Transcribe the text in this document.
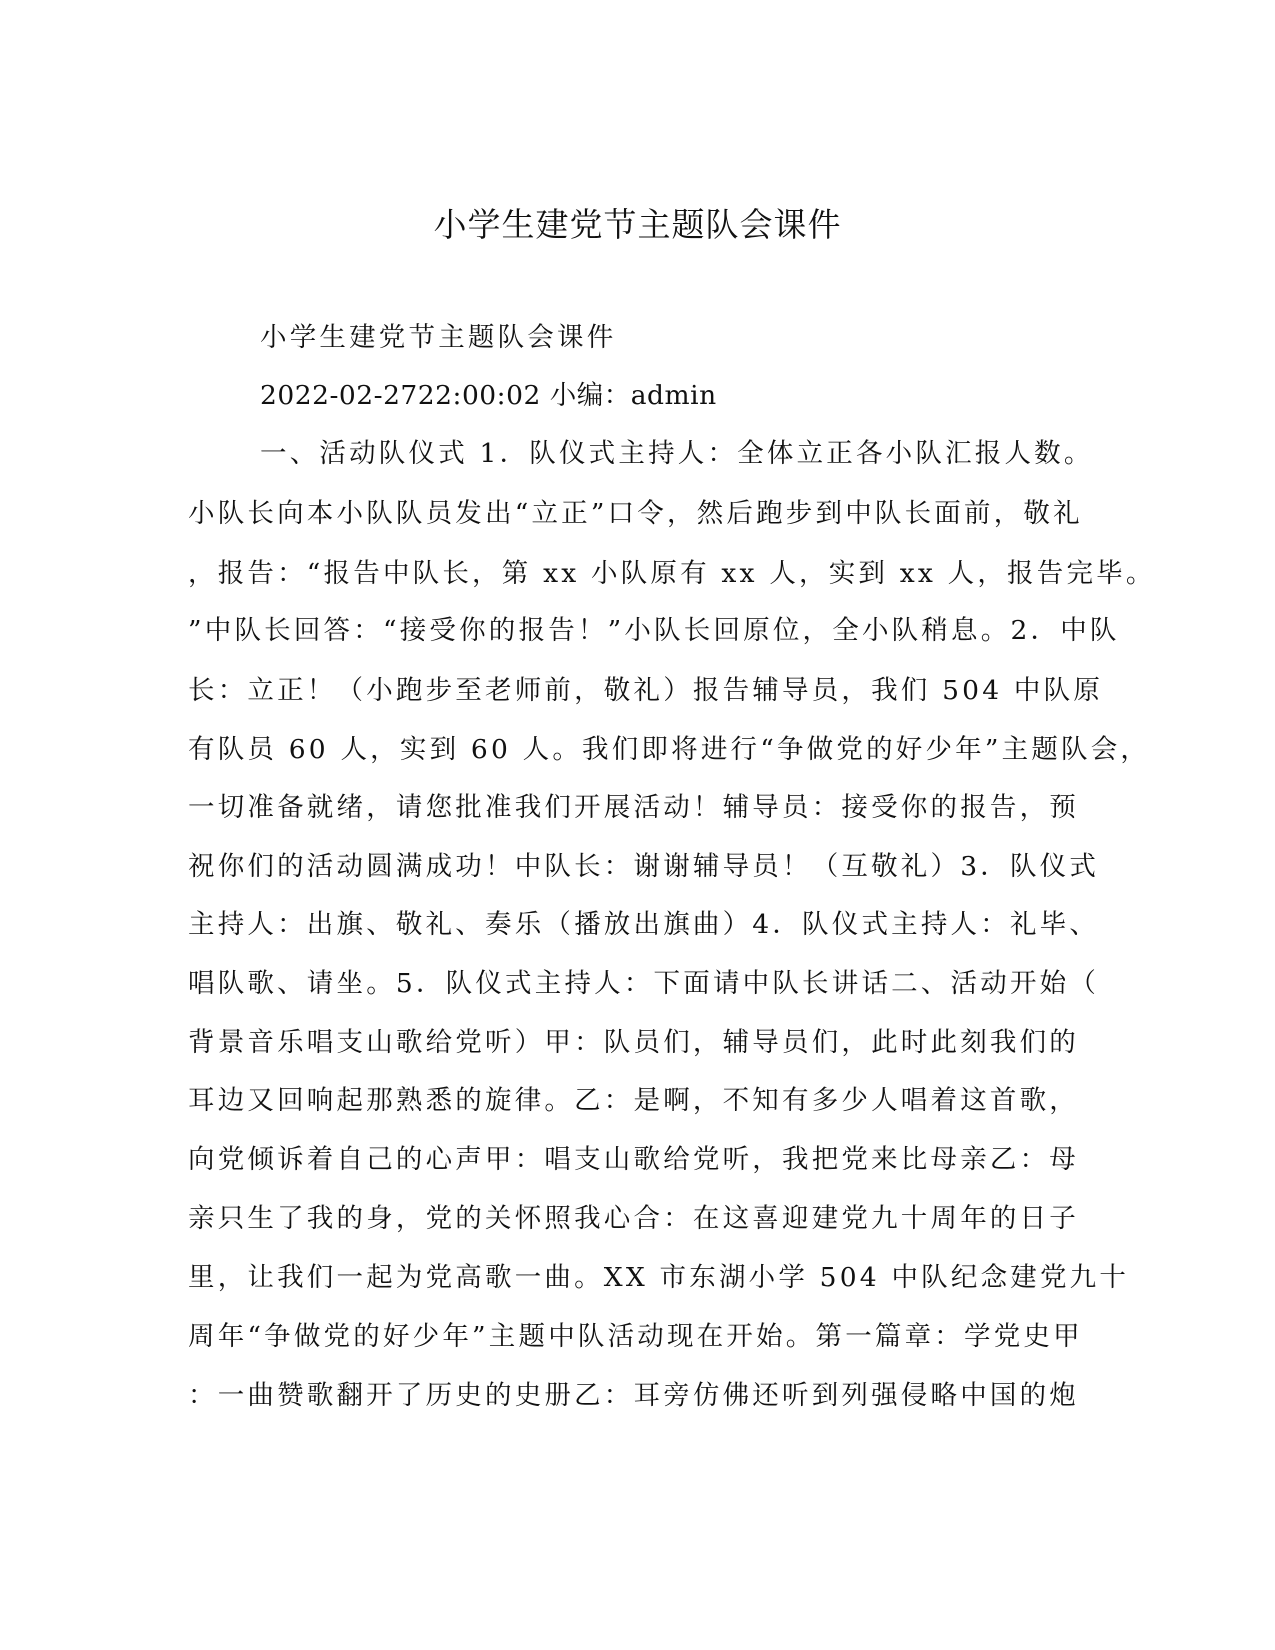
小学生建党节主题队会课件

小学生建党节主题队会课件

2022-02-2722:00:02 小编：admin

一、活动队仪式 1．队仪式主持人：全体立正各小队汇报人数。

小队长向本小队队员发出“立正”口令，然后跑步到中队长面前，敬礼

，报告：“报告中队长，第 xx 小队原有 xx 人，实到 xx 人，报告完毕。

”中队长回答：“接受你的报告！”小队长回原位，全小队稍息。2．中队

长：立正！（小跑步至老师前，敬礼）报告辅导员，我们 504 中队原

有队员 60 人，实到 60 人。我们即将进行“争做党的好少年”主题队会，

一切准备就绪，请您批准我们开展活动！辅导员：接受你的报告，预

祝你们的活动圆满成功！中队长：谢谢辅导员！（互敬礼）3．队仪式

主持人：出旗、敬礼、奏乐（播放出旗曲）4．队仪式主持人：礼毕、

唱队歌、请坐。5．队仪式主持人：下面请中队长讲话二、活动开始（

背景音乐唱支山歌给党听）甲：队员们，辅导员们，此时此刻我们的

耳边又回响起那熟悉的旋律。乙：是啊，不知有多少人唱着这首歌，

向党倾诉着自己的心声甲：唱支山歌给党听，我把党来比母亲乙：母

亲只生了我的身，党的关怀照我心合：在这喜迎建党九十周年的日子

里，让我们一起为党高歌一曲。XX 市东湖小学 504 中队纪念建党九十

周年“争做党的好少年”主题中队活动现在开始。第一篇章：学党史甲

：一曲赞歌翻开了历史的史册乙：耳旁仿佛还听到列强侵略中国的炮
